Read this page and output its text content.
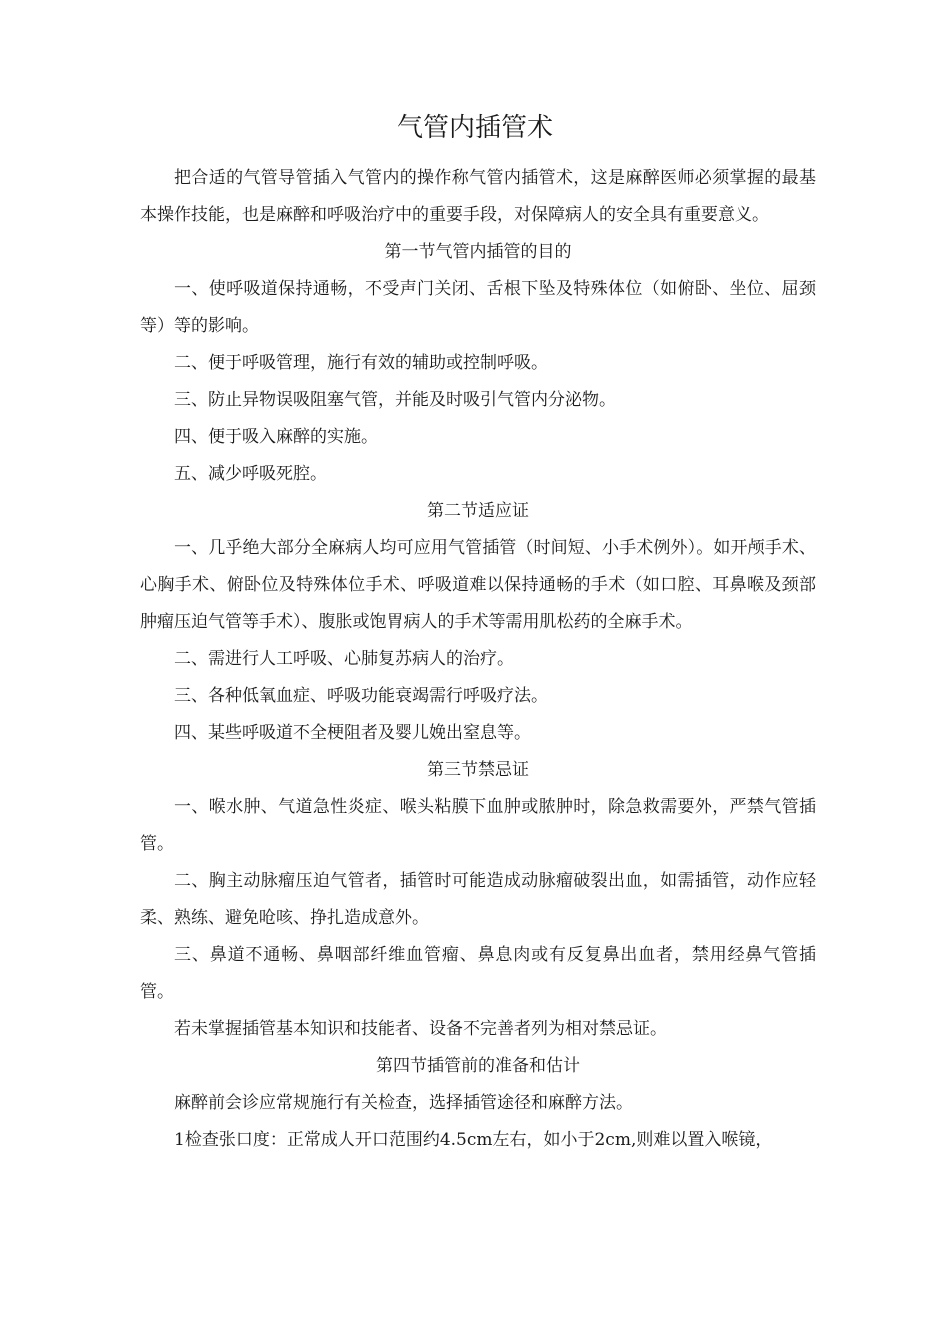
气管内插管术

把合适的气管导管插入气管内的操作称气管内插管术，这是麻醉医师必须掌握的最基本操作技能，也是麻醉和呼吸治疗中的重要手段，对保障病人的安全具有重要意义。

第一节气管内插管的目的

一、使呼吸道保持通畅，不受声门关闭、舌根下坠及特殊体位（如俯卧、坐位、屈颈等）等的影响。

二、便于呼吸管理，施行有效的辅助或控制呼吸。

三、防止异物误吸阻塞气管，并能及时吸引气管内分泌物。

四、便于吸入麻醉的实施。

五、减少呼吸死腔。

第二节适应证

一、几乎绝大部分全麻病人均可应用气管插管（时间短、小手术例外）。如开颅手术、心胸手术、俯卧位及特殊体位手术、呼吸道难以保持通畅的手术（如口腔、耳鼻喉及颈部肿瘤压迫气管等手术）、腹胀或饱胃病人的手术等需用肌松药的全麻手术。

二、需进行人工呼吸、心肺复苏病人的治疗。

三、各种低氧血症、呼吸功能衰竭需行呼吸疗法。

四、某些呼吸道不全梗阻者及婴儿娩出窒息等。

第三节禁忌证

一、喉水肿、气道急性炎症、喉头粘膜下血肿或脓肿时，除急救需要外，严禁气管插管。

二、胸主动脉瘤压迫气管者，插管时可能造成动脉瘤破裂出血，如需插管，动作应轻柔、熟练、避免呛咳、挣扎造成意外。

三、鼻道不通畅、鼻咽部纤维血管瘤、鼻息肉或有反复鼻出血者，禁用经鼻气管插管。

若未掌握插管基本知识和技能者、设备不完善者列为相对禁忌证。

第四节插管前的准备和估计

麻醉前会诊应常规施行有关检查，选择插管途径和麻醉方法。

1检查张口度：正常成人开口范围约4.5cm左右，如小于2cm,则难以置入喉镜，
